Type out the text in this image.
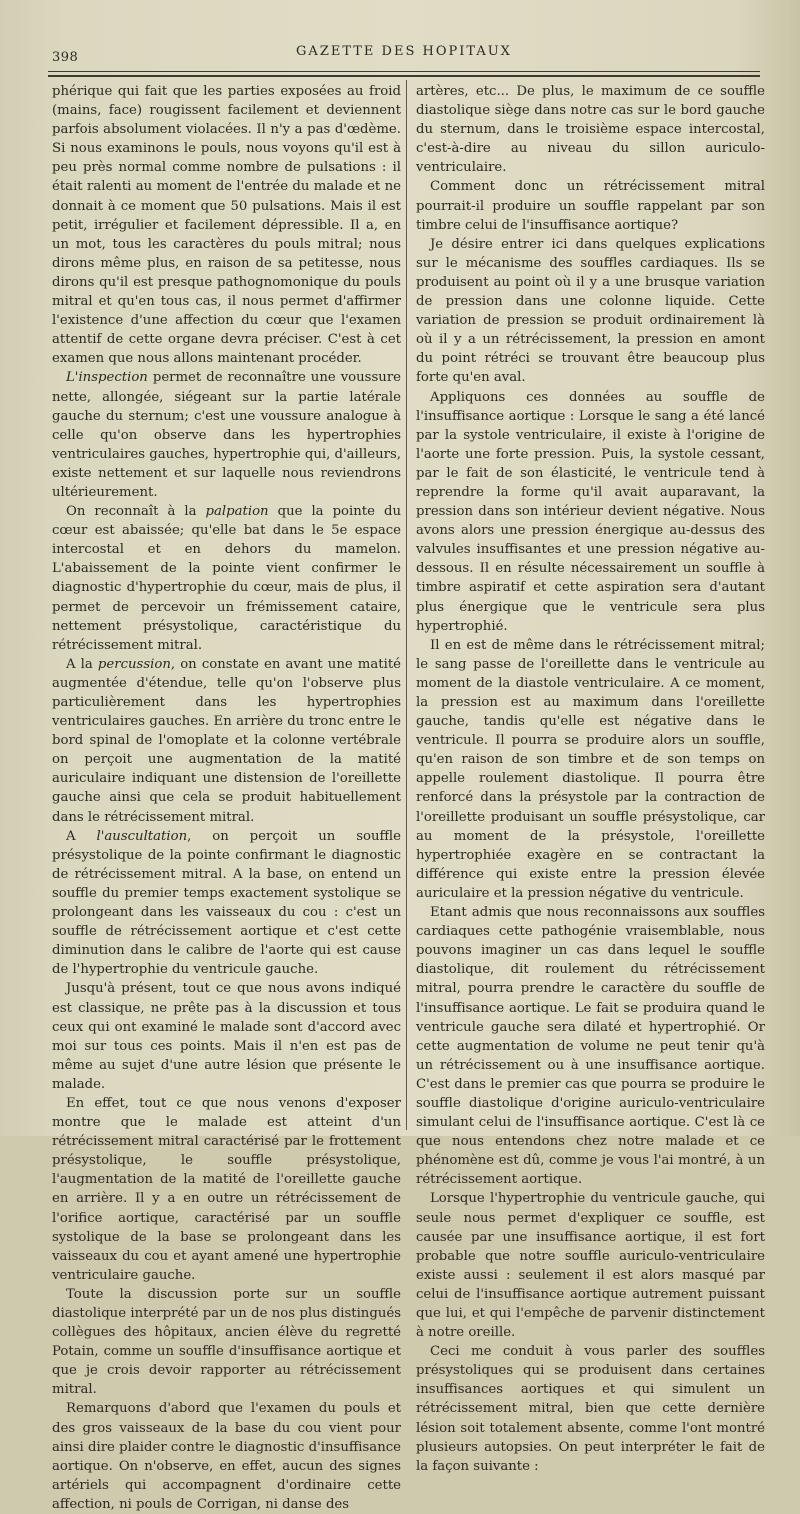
398	GAZETTE DES HOPITAUX

phérique qui fait que les parties exposées au froid (mains, face) rougissent facilement et deviennent parfois absolument violacées. Il n'y a pas d'œdème. Si nous examinons le pouls, nous voyons qu'il est à peu près normal comme nombre de pulsations : il était ralenti au moment de l'entrée du malade et ne donnait à ce moment que 50 pulsations. Mais il est petit, irrégulier et facilement dépressible. Il a, en un mot, tous les caractères du pouls mitral; nous dirons même plus, en raison de sa petitesse, nous dirons qu'il est presque pathognomonique du pouls mitral et qu'en tous cas, il nous permet d'affirmer l'existence d'une affection du cœur que l'examen attentif de cette organe devra préciser. C'est à cet examen que nous allons maintenant procéder.

L'inspection permet de reconnaître une voussure nette, allongée, siégeant sur la partie latérale gauche du sternum; c'est une voussure analogue à celle qu'on observe dans les hypertrophies ventriculaires gauches, hypertrophie qui, d'ailleurs, existe nettement et sur laquelle nous reviendrons ultérieurement.

On reconnaît à la palpation que la pointe du cœur est abaissée; qu'elle bat dans le 5e espace intercostal et en dehors du mamelon. L'abaissement de la pointe vient confirmer le diagnostic d'hypertrophie du cœur, mais de plus, il permet de percevoir un frémissement cataire, nettement présystolique, caractéristique du rétrécissement mitral.

A la percussion, on constate en avant une matité augmentée d'étendue, telle qu'on l'observe plus particulièrement dans les hypertrophies ventriculaires gauches. En arrière du tronc entre le bord spinal de l'omoplate et la colonne vertébrale on perçoit une augmentation de la matité auriculaire indiquant une distension de l'oreillette gauche ainsi que cela se produit habituellement dans le rétrécissement mitral.

A l'auscultation, on perçoit un souffle présystolique de la pointe confirmant le diagnostic de rétrécissement mitral. A la base, on entend un souffle du premier temps exactement systolique se prolongeant dans les vaisseaux du cou : c'est un souffle de rétrécissement aortique et c'est cette diminution dans le calibre de l'aorte qui est cause de l'hypertrophie du ventricule gauche.

Jusqu'à présent, tout ce que nous avons indiqué est classique, ne prête pas à la discussion et tous ceux qui ont examiné le malade sont d'accord avec moi sur tous ces points. Mais il n'en est pas de même au sujet d'une autre lésion que présente le malade.

En effet, tout ce que nous venons d'exposer montre que le malade est atteint d'un rétrécissement mitral caractérisé par le frottement présystolique, le souffle présystolique, l'augmentation de la matité de l'oreillette gauche en arrière. Il y a en outre un rétrécissement de l'orifice aortique, caractérisé par un souffle systolique de la base se prolongeant dans les vaisseaux du cou et ayant amené une hypertrophie ventriculaire gauche.

Toute la discussion porte sur un souffle diastolique interprété par un de nos plus distingués collègues des hôpitaux, ancien élève du regretté Potain, comme un souffle d'insuffisance aortique et que je crois devoir rapporter au rétrécissement mitral.

Remarquons d'abord que l'examen du pouls et des gros vaisseaux de la base du cou vient pour ainsi dire plaider contre le diagnostic d'insuffisance aortique. On n'observe, en effet, aucun des signes artériels qui accompagnent d'ordinaire cette affection, ni pouls de Corrigan, ni danse des

artères, etc... De plus, le maximum de ce souffle diastolique siège dans notre cas sur le bord gauche du sternum, dans le troisième espace intercostal, c'est-à-dire au niveau du sillon auriculo-ventriculaire.

Comment donc un rétrécissement mitral pourrait-il produire un souffle rappelant par son timbre celui de l'insuffisance aortique?

Je désire entrer ici dans quelques explications sur le mécanisme des souffles cardiaques. Ils se produisent au point où il y a une brusque variation de pression dans une colonne liquide. Cette variation de pression se produit ordinairement là où il y a un rétrécissement, la pression en amont du point rétréci se trouvant être beaucoup plus forte qu'en aval.

Appliquons ces données au souffle de l'insuffisance aortique : Lorsque le sang a été lancé par la systole ventriculaire, il existe à l'origine de l'aorte une forte pression. Puis, la systole cessant, par le fait de son élasticité, le ventricule tend à reprendre la forme qu'il avait auparavant, la pression dans son intérieur devient négative. Nous avons alors une pression énergique au-dessus des valvules insuffisantes et une pression négative au-dessous. Il en résulte nécessairement un souffle à timbre aspiratif et cette aspiration sera d'autant plus énergique que le ventricule sera plus hypertrophié.

Il en est de même dans le rétrécissement mitral; le sang passe de l'oreillette dans le ventricule au moment de la diastole ventriculaire. A ce moment, la pression est au maximum dans l'oreillette gauche, tandis qu'elle est négative dans le ventricule. Il pourra se produire alors un souffle, qu'en raison de son timbre et de son temps on appelle roulement diastolique. Il pourra être renforcé dans la présystole par la contraction de l'oreillette produisant un souffle présystolique, car au moment de la présystole, l'oreillette hypertrophiée exagère en se contractant la différence qui existe entre la pression élevée auriculaire et la pression négative du ventricule.

Etant admis que nous reconnaissons aux souffles cardiaques cette pathogénie vraisemblable, nous pouvons imaginer un cas dans lequel le souffle diastolique, dit roulement du rétrécissement mitral, pourra prendre le caractère du souffle de l'insuffisance aortique. Le fait se produira quand le ventricule gauche sera dilaté et hypertrophié. Or cette augmentation de volume ne peut tenir qu'à un rétrécissement ou à une insuffisance aortique. C'est dans le premier cas que pourra se produire le souffle diastolique d'origine auriculo-ventriculaire simulant celui de l'insuffisance aortique. C'est là ce que nous entendons chez notre malade et ce phénomène est dû, comme je vous l'ai montré, à un rétrécissement aortique.

Lorsque l'hypertrophie du ventricule gauche, qui seule nous permet d'expliquer ce souffle, est causée par une insuffisance aortique, il est fort probable que notre souffle auriculo-ventriculaire existe aussi : seulement il est alors masqué par celui de l'insuffisance aortique autrement puissant que lui, et qui l'empêche de parvenir distinctement à notre oreille.

Ceci me conduit à vous parler des souffles présystoliques qui se produisent dans certaines insuffisances aortiques et qui simulent un rétrécissement mitral, bien que cette dernière lésion soit totalement absente, comme l'ont montré plusieurs autopsies. On peut interpréter le fait de la façon suivante :
